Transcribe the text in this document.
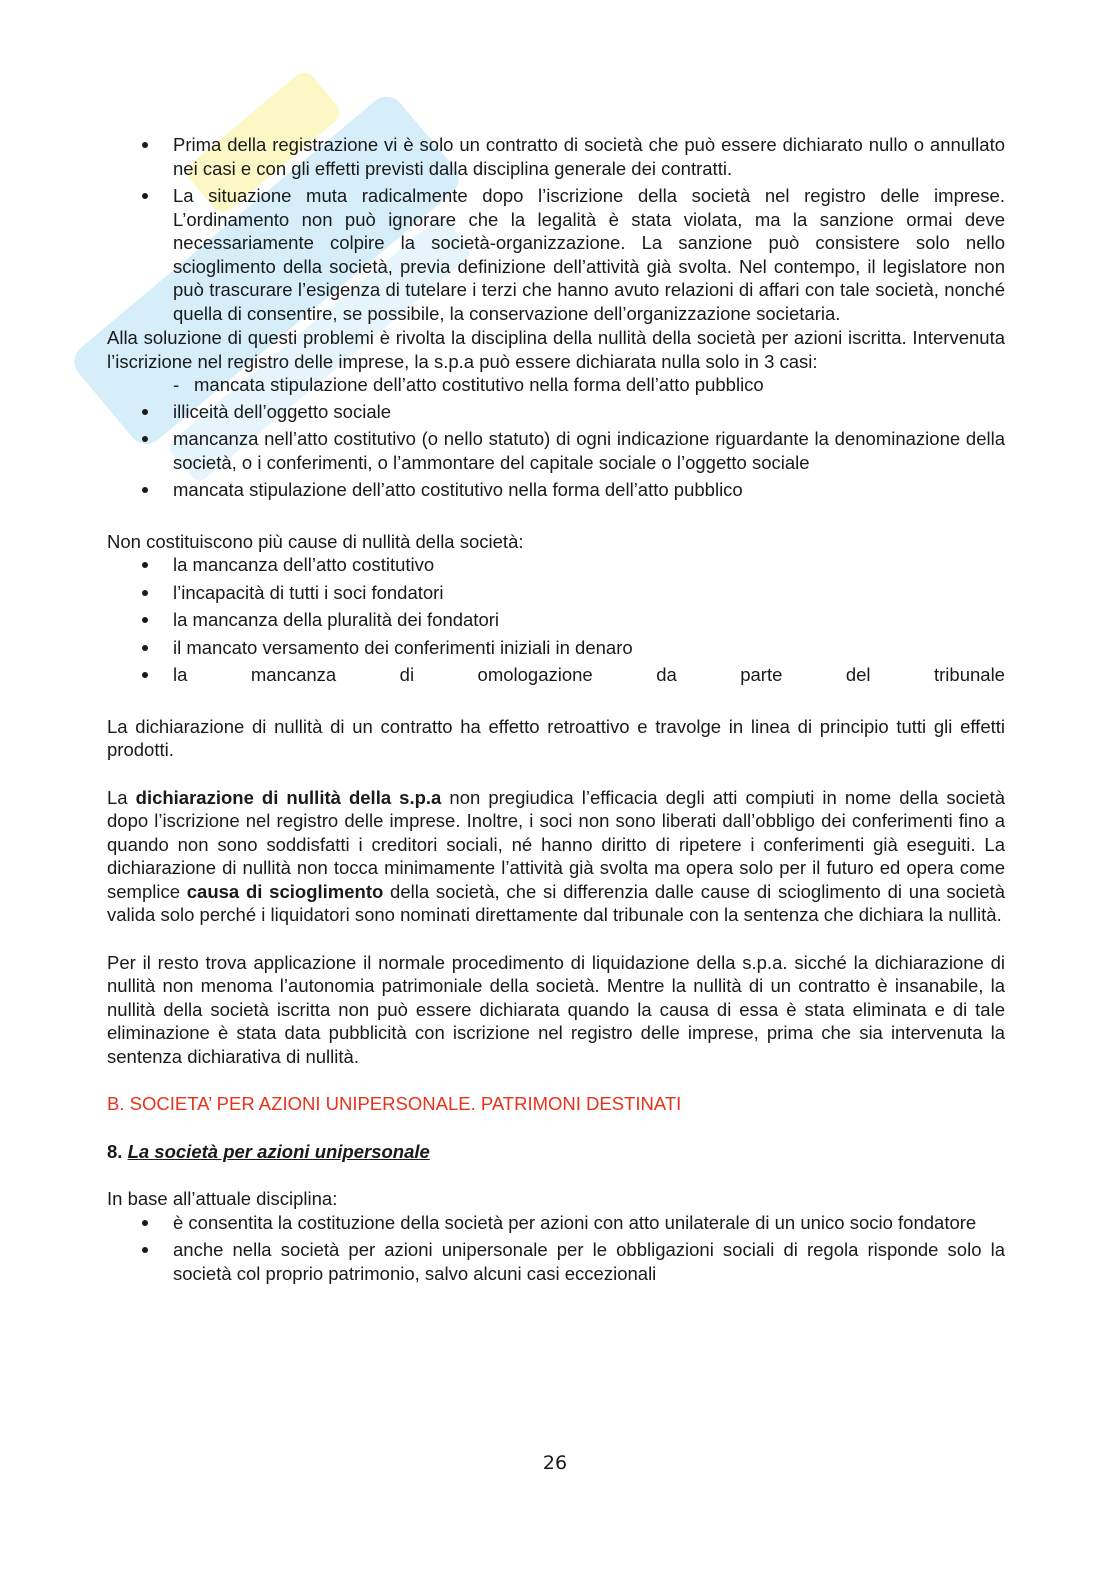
Prima della registrazione vi è solo un contratto di società che può essere dichiarato nullo o annullato nei casi e con gli effetti previsti dalla disciplina generale dei contratti.
La situazione muta radicalmente dopo l’iscrizione della società nel registro delle imprese. L’ordinamento non può ignorare che la legalità è stata violata, ma la sanzione ormai deve necessariamente colpire la società-organizzazione. La sanzione può consistere solo nello scioglimento della società, previa definizione dell’attività già svolta. Nel contempo, il legislatore non può trascurare l’esigenza di tutelare i terzi che hanno avuto relazioni di affari con tale società, nonché quella di consentire, se possibile, la conservazione dell’organizzazione societaria.

Alla soluzione di questi problemi è rivolta la disciplina della nullità della società per azioni iscritta. Intervenuta l’iscrizione nel registro delle imprese, la s.p.a può essere dichiarata nulla solo in 3 casi:

- mancata stipulazione dell’atto costitutivo nella forma dell’atto pubblico
illiceità dell’oggetto sociale
mancanza nell’atto costitutivo (o nello statuto) di ogni indicazione riguardante la denominazione della società, o i conferimenti, o l’ammontare del capitale sociale o l’oggetto sociale
mancata stipulazione dell’atto costitutivo nella forma dell’atto pubblico

Non costituiscono più cause di nullità della società:

la mancanza dell’atto costitutivo
l’incapacità di tutti i soci fondatori
la mancanza della pluralità dei fondatori
il mancato versamento dei conferimenti iniziali in denaro
la	mancanza	di	omologazione	da	parte	del	tribunale

La dichiarazione di nullità di un contratto ha effetto retroattivo e travolge in linea di principio tutti gli effetti prodotti.

La dichiarazione di nullità della s.p.a non pregiudica l’efficacia degli atti compiuti in nome della società dopo l’iscrizione nel registro delle imprese. Inoltre, i soci non sono liberati dall’obbligo dei conferimenti fino a quando non sono soddisfatti i creditori sociali, né hanno diritto di ripetere i conferimenti già eseguiti. La dichiarazione di nullità non tocca minimamente l’attività già svolta ma opera solo per il futuro ed opera come semplice causa di scioglimento della società, che si differenzia dalle cause di scioglimento di una società valida solo perché i liquidatori sono nominati direttamente dal tribunale con la sentenza che dichiara la nullità.

Per il resto trova applicazione il normale procedimento di liquidazione della s.p.a. sicché la dichiarazione di nullità non menoma l’autonomia patrimoniale della società. Mentre la nullità di un contratto è insanabile, la nullità della società iscritta non può essere dichiarata quando la causa di essa è stata eliminata e di tale eliminazione è stata data pubblicità con iscrizione nel registro delle imprese, prima che sia intervenuta la sentenza dichiarativa di nullità.

B. SOCIETA’ PER AZIONI UNIPERSONALE. PATRIMONI DESTINATI

8. La società per azioni unipersonale

In base all’attuale disciplina:

è consentita la costituzione della società per azioni con atto unilaterale di un unico socio fondatore
anche nella società per azioni unipersonale per le obbligazioni sociali di regola risponde solo la società col proprio patrimonio, salvo alcuni casi eccezionali
26
